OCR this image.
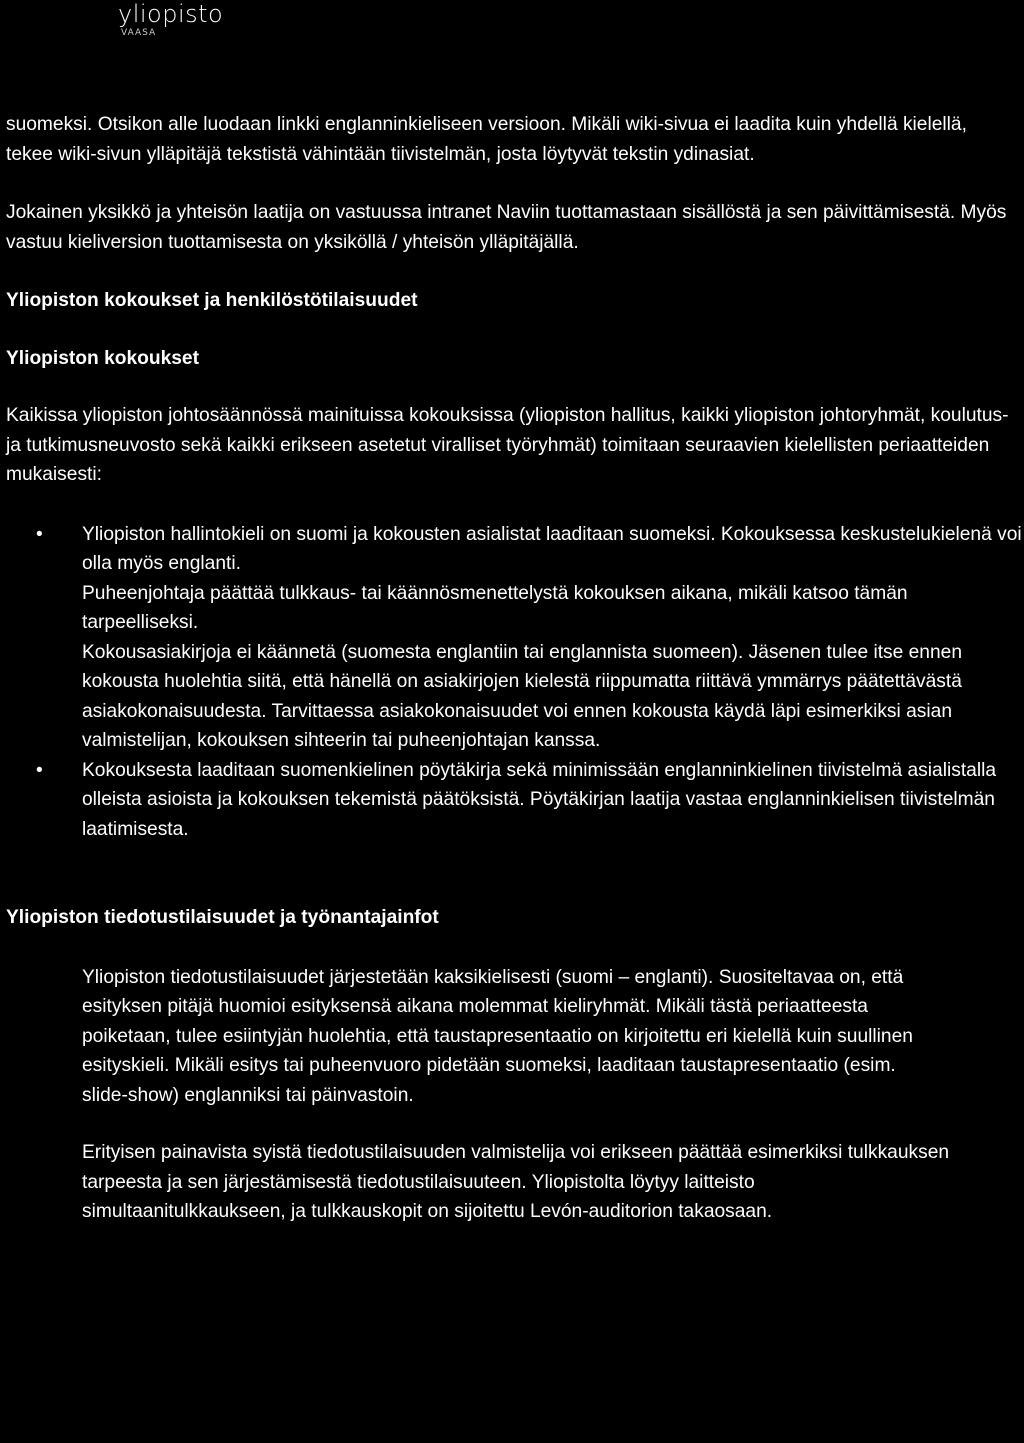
yliopisto
VAASA

suomeksi. Otsikon alle luodaan linkki englanninkieliseen versioon. Mikäli wiki-sivua ei laadita kuin yhdellä kielellä, tekee wiki-sivun ylläpitäjä tekstistä vähintään tiivistelmän, josta löytyvät tekstin ydinasiat.

Jokainen yksikkö ja yhteisön laatija on vastuussa intranet Naviin tuottamastaan sisällöstä ja sen päivittämisestä. Myös vastuu kieliversion tuottamisesta on yksiköllä / yhteisön ylläpitäjällä.

Yliopiston kokoukset ja henkilöstötilaisuudet
Yliopiston kokoukset

Kaikissa yliopiston johtosäännössä mainituissa kokouksissa (yliopiston hallitus, kaikki yliopiston johtoryhmät, koulutus- ja tutkimusneuvosto sekä kaikki erikseen asetetut viralliset työryhmät) toimitaan seuraavien kielellisten periaatteiden mukaisesti:

• Yliopiston hallintokieli on suomi ja kokousten asialistat laaditaan suomeksi. Kokouksessa keskustelukielenä voi olla myös englanti.
Puheenjohtaja päättää tulkkaus- tai käännösmenettelystä kokouksen aikana, mikäli katsoo tämän tarpeelliseksi.
Kokousasiakirjoja ei käännetä (suomesta englantiin tai englannista suomeen). Jäsenen tulee itse ennen kokousta huolehtia siitä, että hänellä on asiakirjojen kielestä riippumatta riittävä ymmärrys päätettävästä asiakokonaisuudesta. Tarvittaessa asiakokonaisuudet voi ennen kokousta käydä läpi esimerkiksi asian valmistelijan, kokouksen sihteerin tai puheenjohtajan kanssa.
• Kokouksesta laaditaan suomenkielinen pöytäkirja sekä minimissään englanninkielinen tiivistelmä asialistalla olleista asioista ja kokouksen tekemistä päätöksistä. Pöytäkirjan laatija vastaa englanninkielisen tiivistelmän laatimisesta.
Yliopiston tiedotustilaisuudet ja työnantajainfot

Yliopiston tiedotustilaisuudet järjestetään kaksikielisesti (suomi – englanti). Suositeltavaa on, että esityksen pitäjä huomioi esityksensä aikana molemmat kieliryhmät. Mikäli tästä periaatteesta poiketaan, tulee esiintyjän huolehtia, että taustapresentaatio on kirjoitettu eri kielellä kuin suullinen esityskieli. Mikäli esitys tai puheenvuoro pidetään suomeksi, laaditaan taustapresentaatio (esim. slide-show) englanniksi tai päinvastoin.

Erityisen painavista syistä tiedotustilaisuuden valmistelija voi erikseen päättää esimerkiksi tulkkauksen tarpeesta ja sen järjestämisestä tiedotustilaisuuteen. Yliopistolta löytyy laitteisto simultaanitulkkaukseen, ja tulkkauskopit on sijoitettu Levón-auditorion takaosaan.
